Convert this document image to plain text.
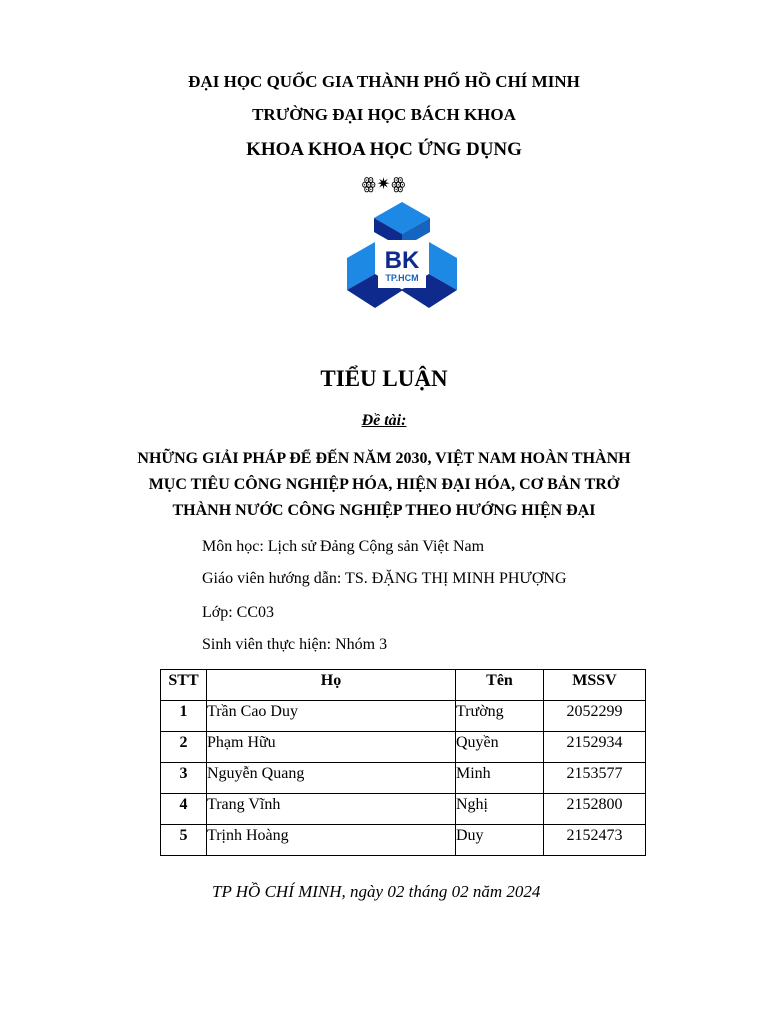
ĐẠI HỌC QUỐC GIA THÀNH PHỐ HỒ CHÍ MINH
TRƯỜNG ĐẠI HỌC BÁCH KHOA
KHOA KHOA HỌC ỨNG DỤNG
ꙮ✷ꙮ
BK
TP.HCM
TIỂU LUẬN
Đề tài:
NHỮNG GIẢI PHÁP ĐỂ ĐẾN NĂM 2030, VIỆT NAM HOÀN THÀNH
MỤC TIÊU CÔNG NGHIỆP HÓA, HIỆN ĐẠI HÓA, CƠ BẢN TRỞ
THÀNH NƯỚC CÔNG NGHIỆP THEO HƯỚNG HIỆN ĐẠI
Môn học: Lịch sử Đảng Cộng sản Việt Nam
Giáo viên hướng dẫn: TS. ĐẶNG THỊ MINH PHƯỢNG
Lớp: CC03
Sinh viên thực hiện: Nhóm 3
STT	Họ	Tên	MSSV
1	Trần Cao Duy	Trường	2052299
2	Phạm Hữu	Quyền	2152934
3	Nguyễn Quang	Minh	2153577
4	Trang Vĩnh	Nghị	2152800
5	Trịnh Hoàng	Duy	2152473
TP HỒ CHÍ MINH, ngày 02 tháng 02 năm 2024
